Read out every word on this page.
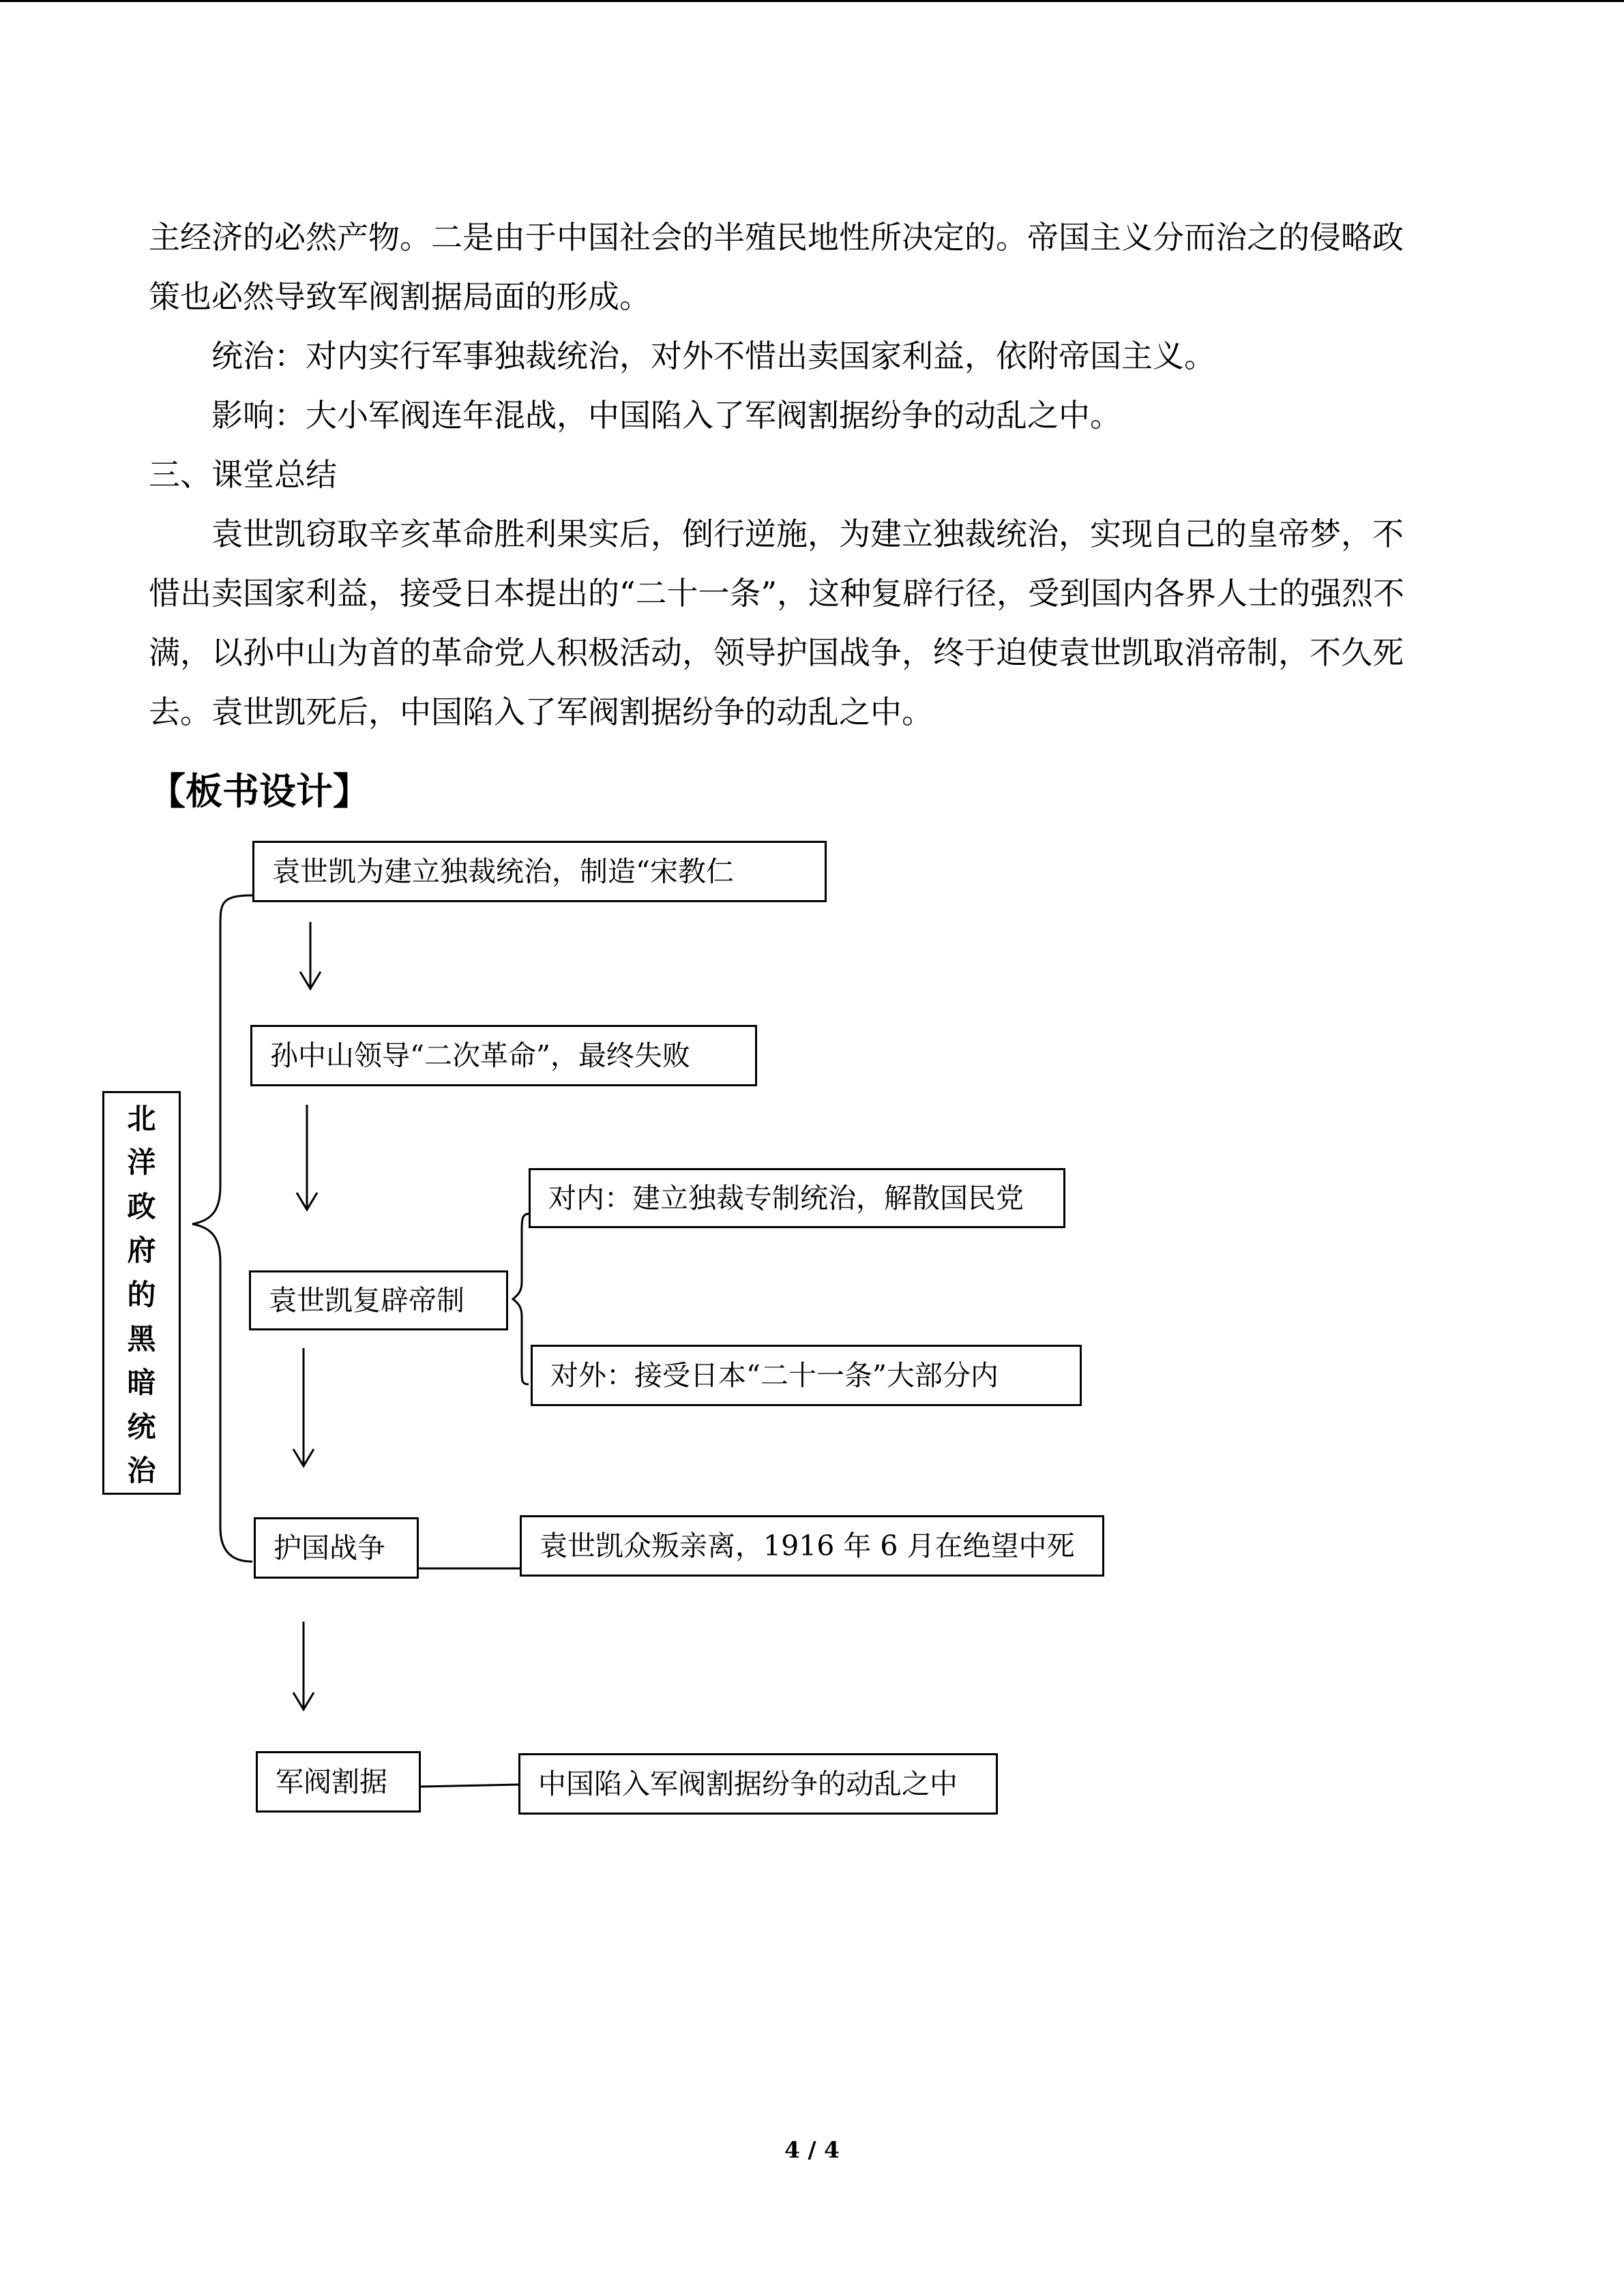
主经济的必然产物。二是由于中国社会的半殖民地性所决定的。帝国主义分而治之的侵略政
策也必然导致军阀割据局面的形成。
统治：对内实行军事独裁统治，对外不惜出卖国家利益，依附帝国主义。
影响：大小军阀连年混战，中国陷入了军阀割据纷争的动乱之中。
三、课堂总结
袁世凯窃取辛亥革命胜利果实后，倒行逆施，为建立独裁统治，实现自己的皇帝梦，不
惜出卖国家利益，接受日本提出的“二十一条”，这种复辟行径，受到国内各界人士的强烈不
满，以孙中山为首的革命党人积极活动，领导护国战争，终于迫使袁世凯取消帝制，不久死
去。袁世凯死后，中国陷入了军阀割据纷争的动乱之中。
【板书设计】
北
洋
政
府
的
黑
暗
统
治
袁世凯为建立独裁统治，制造“宋教仁
孙中山领导“二次革命”，最终失败
对内：建立独裁专制统治，解散国民党
袁世凯复辟帝制
对外：接受日本“二十一条”大部分内
护国战争	袁世凯众叛亲离，1916 年 6 月在绝望中死
军阀割据	中国陷入军阀割据纷争的动乱之中
4 / 4
